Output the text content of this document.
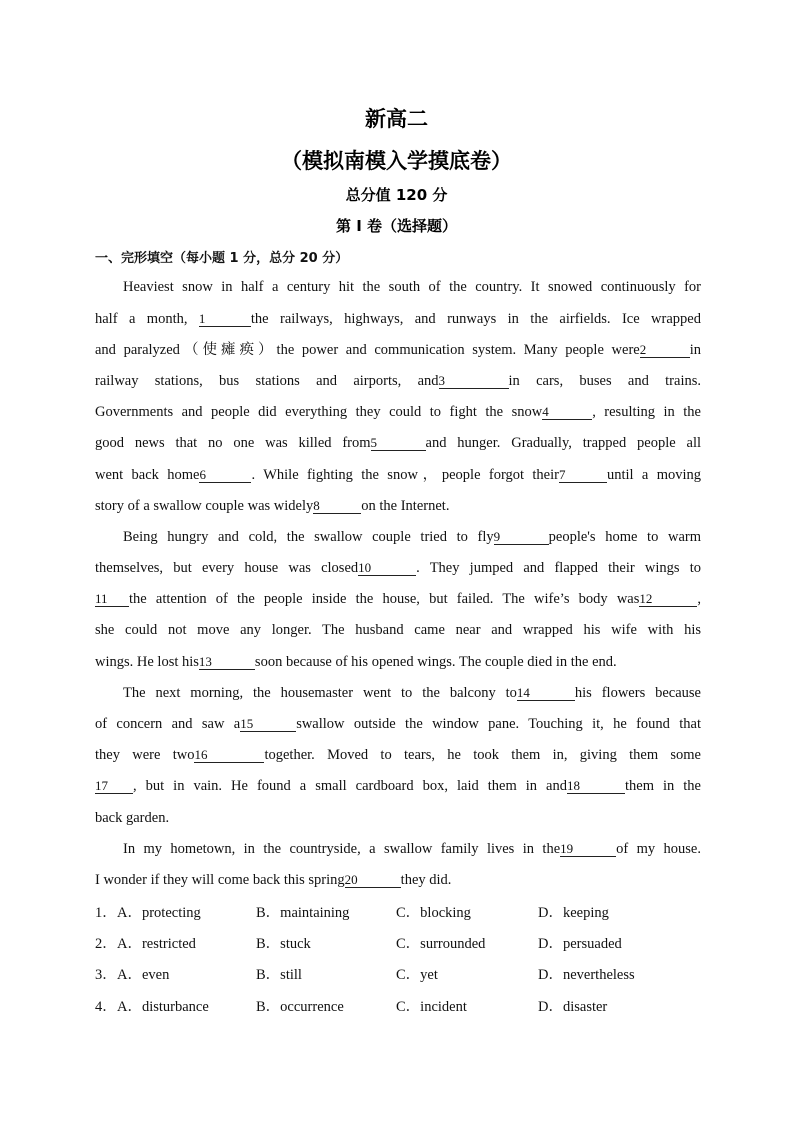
新高二
（模拟南模入学摸底卷）
总分值 120 分
第 I 卷（选择题）
一、完形填空（每小题 1 分，总分 20 分）
Heaviest snow in half a century hit the south of the country. It snowed continuously for
half a month, 1	the railways, highways, and runways in the airfields. Ice wrapped
and paralyzed（使瘫痪）the power and communication system. Many people were2	in
railway stations, bus stations and airports, and3	in cars, buses and trains.
Governments and people did everything they could to fight the snow4	, resulting in the
good news that no one was killed from5	and hunger. Gradually, trapped people all
went back home6	. While fighting the snow，people forgot their7	until a moving
story of a swallow couple was widely8	on the Internet.
Being hungry and cold, the swallow couple tried to fly9	people's home to warm
themselves, but every house was closed10	. They jumped and flapped their wings to
11 the attention of the people inside the house, but failed. The wife’s body was12	,
she could not move any longer. The husband came near and wrapped his wife with his
wings. He lost his13	soon because of his opened wings. The couple died in the end.
The next morning, the housemaster went to the balcony to14	his flowers because
of concern and saw a15	swallow outside the window pane. Touching it, he found that
they were two16	together. Moved to tears, he took them in, giving them some
17 , but in vain. He found a small cardboard box, laid them in and18	them in the
back garden.
In my hometown, in the countryside, a swallow family lives in the19	of my house.
I wonder if they will come back this spring20	they did.
1． A．protecting	B．maintaining	C．blocking	D．keeping
2． A．restricted	B．stuck	C．surrounded	D．persuaded
3． A．even	B．still	C．yet	D．nevertheless
4． A．disturbance	B．occurrence	C．incident	D．disaster
